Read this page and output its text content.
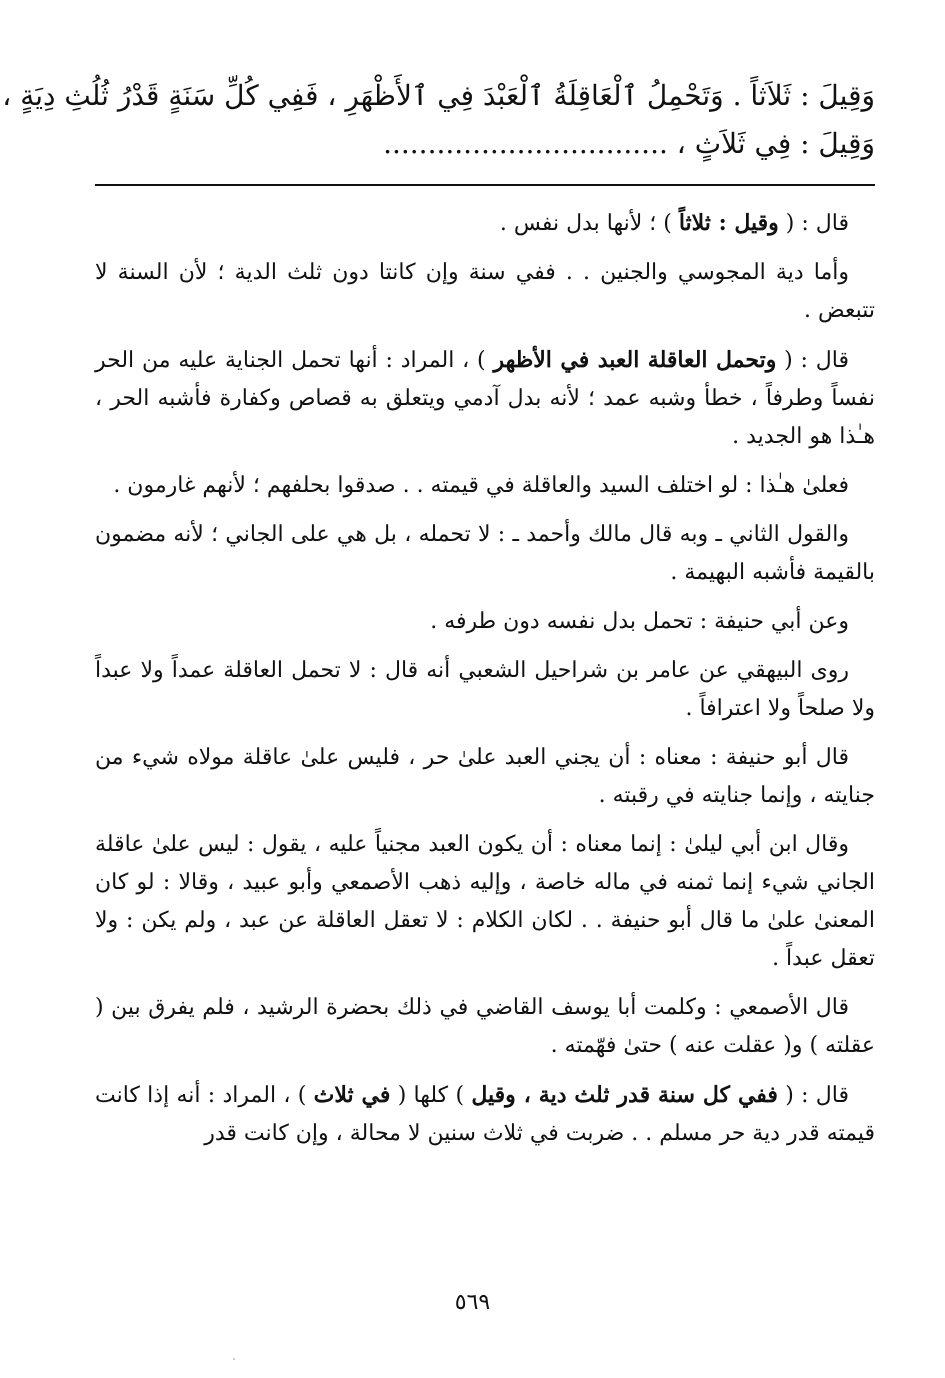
وَقِيلَ : ثَلاَثاً . وَتَحْمِلُ ٱلْعَاقِلَةُ ٱلْعَبْدَ فِي ٱلأَظْهَرِ ، فَفِي كُلِّ سَنَةٍ قَدْرُ ثُلُثِ دِيَةٍ ،
وَقِيلَ : فِي ثَلاَثٍ ، ................................

قال : ( وقيل : ثلاثاً ) ؛ لأنها بدل نفس .

وأما دية المجوسي والجنين . . ففي سنة وإن كانتا دون ثلث الدية ؛ لأن السنة لا تتبعض .

قال : ( وتحمل العاقلة العبد في الأظهر ) ، المراد : أنها تحمل الجناية عليه من الحر نفساً وطرفاً ، خطأ وشبه عمد ؛ لأنه بدل آدمي ويتعلق به قصاص وكفارة فأشبه الحر ، هـٰذا هو الجديد .

فعلىٰ هـٰذا : لو اختلف السيد والعاقلة في قيمته . . صدقوا بحلفهم ؛ لأنهم غارمون .

والقول الثاني ـ وبه قال مالك وأحمد ـ : لا تحمله ، بل هي على الجاني ؛ لأنه مضمون بالقيمة فأشبه البهيمة .

وعن أبي حنيفة : تحمل بدل نفسه دون طرفه .

روى البيهقي عن عامر بن شراحيل الشعبي أنه قال : لا تحمل العاقلة عمداً ولا عبداً ولا صلحاً ولا اعترافاً .

قال أبو حنيفة : معناه : أن يجني العبد علىٰ حر ، فليس علىٰ عاقلة مولاه شيء من جنايته ، وإنما جنايته في رقبته .

وقال ابن أبي ليلىٰ : إنما معناه : أن يكون العبد مجنياً عليه ، يقول : ليس علىٰ عاقلة الجاني شيء إنما ثمنه في ماله خاصة ، وإليه ذهب الأصمعي وأبو عبيد ، وقالا : لو كان المعنىٰ علىٰ ما قال أبو حنيفة . . لكان الكلام : لا تعقل العاقلة عن عبد ، ولم يكن : ولا تعقل عبداً .

قال الأصمعي : وكلمت أبا يوسف القاضي في ذلك بحضرة الرشيد ، فلم يفرق بين ( عقلته ) و( عقلت عنه ) حتىٰ فهّمته .

قال : ( ففي كل سنة قدر ثلث دية ، وقيل ) كلها ( في ثلاث ) ، المراد : أنه إذا كانت قيمته قدر دية حر مسلم . . ضربت في ثلاث سنين لا محالة ، وإن كانت قدر

٥٦٩
